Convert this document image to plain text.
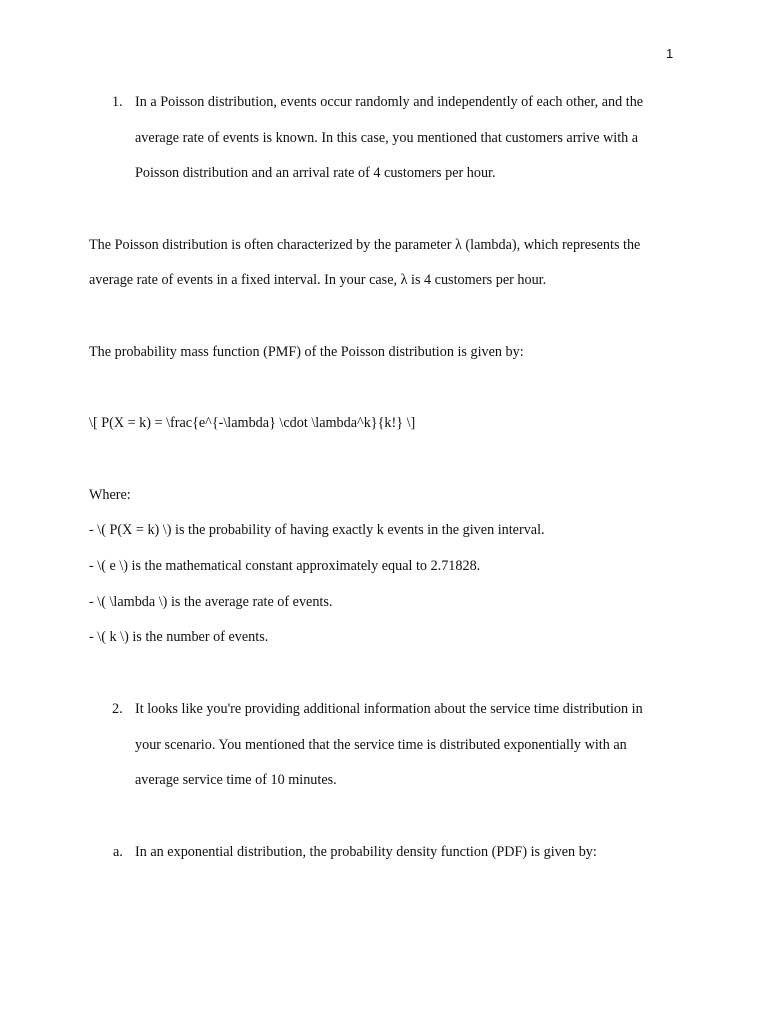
1
1. In a Poisson distribution, events occur randomly and independently of each other, and the
average rate of events is known. In this case, you mentioned that customers arrive with a
Poisson distribution and an arrival rate of 4 customers per hour.
The Poisson distribution is often characterized by the parameter λ (lambda), which represents the
average rate of events in a fixed interval. In your case, λ is 4 customers per hour.
The probability mass function (PMF) of the Poisson distribution is given by:
\[ P(X = k) = \frac{e^{-\lambda} \cdot \lambda^k}{k!} \]
Where:
- \( P(X = k) \) is the probability of having exactly k events in the given interval.
- \( e \) is the mathematical constant approximately equal to 2.71828.
- \( \lambda \) is the average rate of events.
- \( k \) is the number of events.
2. It looks like you're providing additional information about the service time distribution in
your scenario. You mentioned that the service time is distributed exponentially with an
average service time of 10 minutes.
a. In an exponential distribution, the probability density function (PDF) is given by:
